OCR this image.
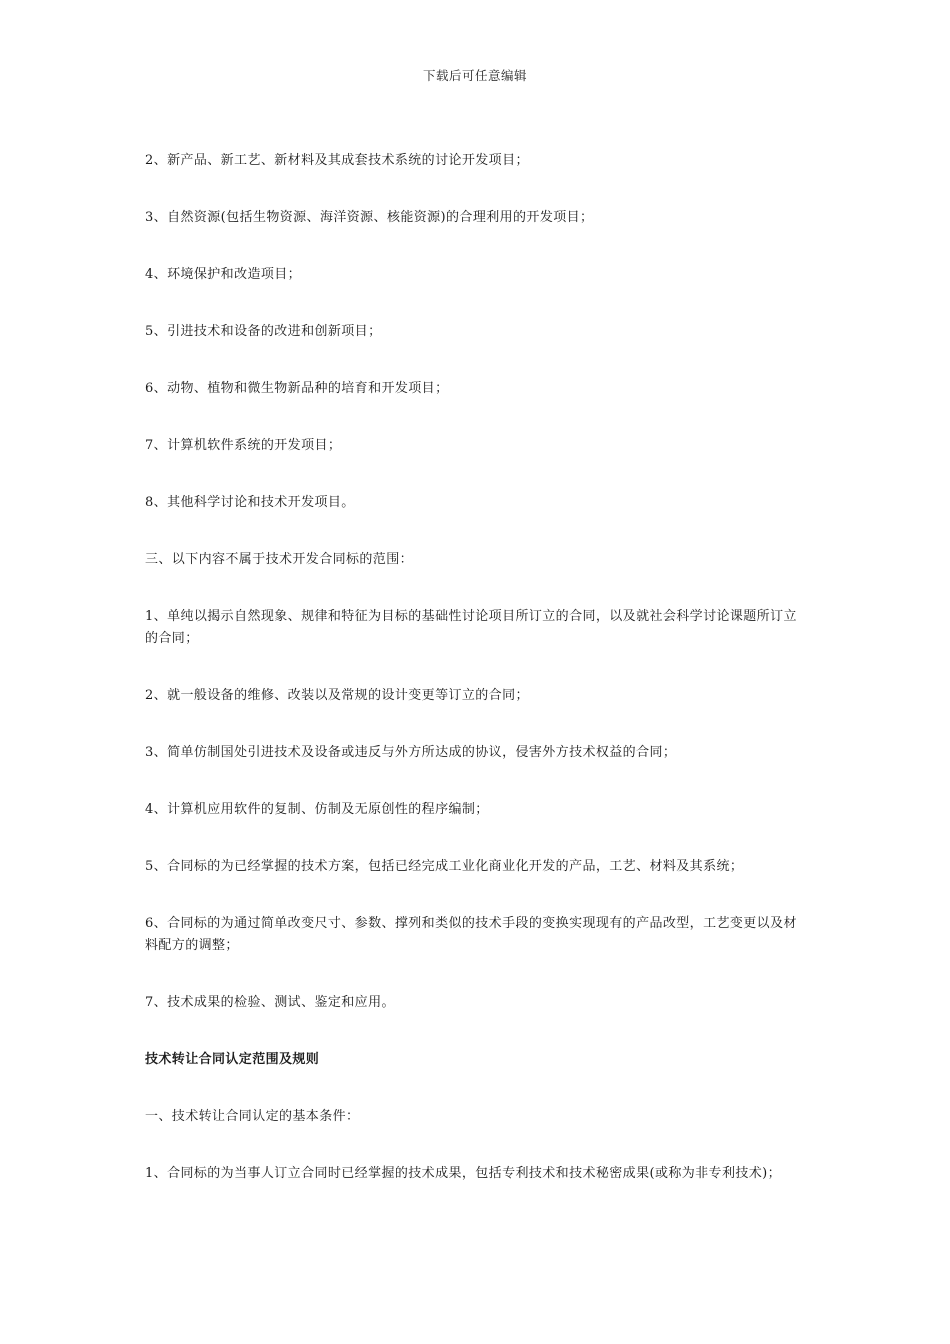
下载后可任意编辑

2、新产品、新工艺、新材料及其成套技术系统的讨论开发项目；

3、自然资源(包括生物资源、海洋资源、核能资源)的合理利用的开发项目；

4、环境保护和改造项目；

5、引进技术和设备的改进和创新项目；

6、动物、植物和微生物新品种的培育和开发项目；

7、计算机软件系统的开发项目；

8、其他科学讨论和技术开发项目。

三、以下内容不属于技术开发合同标的范围：

1、单纯以揭示自然现象、规律和特征为目标的基础性讨论项目所订立的合同，以及就社会科学讨论课题所订立的合同；

2、就一般设备的维修、改装以及常规的设计变更等订立的合同；

3、简单仿制国处引进技术及设备或违反与外方所达成的协议，侵害外方技术权益的合同；

4、计算机应用软件的复制、仿制及无原创性的程序编制；

5、合同标的为已经掌握的技术方案，包括已经完成工业化商业化开发的产品，工艺、材料及其系统；

6、合同标的为通过简单改变尺寸、参数、撑列和类似的技术手段的变换实现现有的产品改型，工艺变更以及材料配方的调整；

7、技术成果的检验、测试、鉴定和应用。

技术转让合同认定范围及规则

一、技术转让合同认定的基本条件：

1、合同标的为当事人订立合同时已经掌握的技术成果，包括专利技术和技术秘密成果(或称为非专利技术)；
